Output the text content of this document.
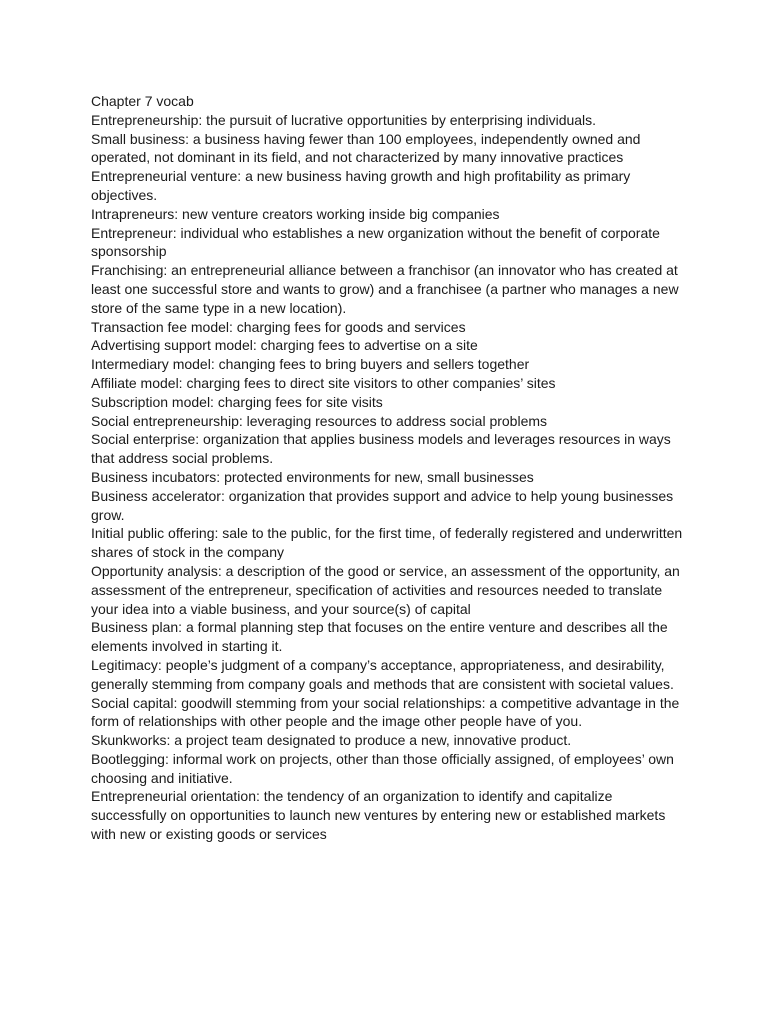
Chapter 7 vocab
Entrepreneurship: the pursuit of lucrative opportunities by enterprising individuals.
Small business: a business having fewer than 100 employees, independently owned and
operated, not dominant in its field, and not characterized by many innovative practices
Entrepreneurial venture: a new business having growth and high profitability as primary
objectives.
Intrapreneurs: new venture creators working inside big companies
Entrepreneur: individual who establishes a new organization without the benefit of corporate
sponsorship
Franchising: an entrepreneurial alliance between a franchisor (an innovator who has created at
least one successful store and wants to grow) and a franchisee (a partner who manages a new
store of the same type in a new location).
Transaction fee model: charging fees for goods and services
Advertising support model: charging fees to advertise on a site
Intermediary model: changing fees to bring buyers and sellers together
Affiliate model: charging fees to direct site visitors to other companies’ sites
Subscription model: charging fees for site visits
Social entrepreneurship: leveraging resources to address social problems
Social enterprise: organization that applies business models and leverages resources in ways
that address social problems.
Business incubators: protected environments for new, small businesses
Business accelerator: organization that provides support and advice to help young businesses
grow.
Initial public offering: sale to the public, for the first time, of federally registered and underwritten
shares of stock in the company
Opportunity analysis: a description of the good or service, an assessment of the opportunity, an
assessment of the entrepreneur, specification of activities and resources needed to translate
your idea into a viable business, and your source(s) of capital
Business plan: a formal planning step that focuses on the entire venture and describes all the
elements involved in starting it.
Legitimacy: people’s judgment of a company’s acceptance, appropriateness, and desirability,
generally stemming from company goals and methods that are consistent with societal values.
Social capital: goodwill stemming from your social relationships: a competitive advantage in the
form of relationships with other people and the image other people have of you.
Skunkworks: a project team designated to produce a new, innovative product.
Bootlegging: informal work on projects, other than those officially assigned, of employees’ own
choosing and initiative.
Entrepreneurial orientation: the tendency of an organization to identify and capitalize
successfully on opportunities to launch new ventures by entering new or established markets
with new or existing goods or services
